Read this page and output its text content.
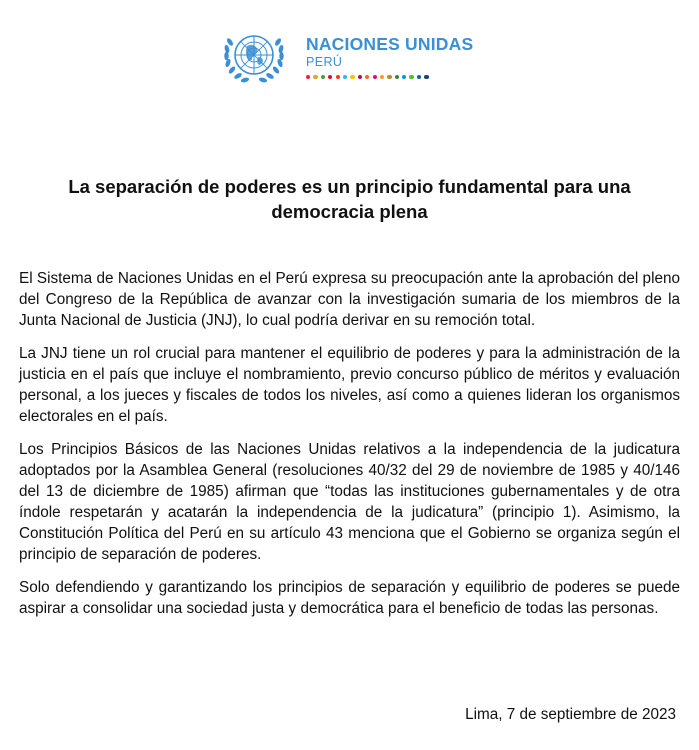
NACIONES UNIDAS
PERÚ
La separación de poderes es un principio fundamental para una democracia plena

El Sistema de Naciones Unidas en el Perú expresa su preocupación ante la aprobación del pleno del Congreso de la República de avanzar con la investigación sumaria de los miembros de la Junta Nacional de Justicia (JNJ), lo cual podría derivar en su remoción total.

La JNJ tiene un rol crucial para mantener el equilibrio de poderes y para la administración de la justicia en el país que incluye el nombramiento, previo concurso público de méritos y evaluación personal, a los jueces y fiscales de todos los niveles, así como a quienes lideran los organismos electorales en el país.

Los Principios Básicos de las Naciones Unidas relativos a la independencia de la judicatura adoptados por la Asamblea General (resoluciones 40/32 del 29 de noviembre de 1985 y 40/146 del 13 de diciembre de 1985) afirman que “todas las instituciones gubernamentales y de otra índole respetarán y acatarán la independencia de la judicatura” (principio 1). Asimismo, la Constitución Política del Perú en su artículo 43 menciona que el Gobierno se organiza según el principio de separación de poderes.

Solo defendiendo y garantizando los principios de separación y equilibrio de poderes se puede aspirar a consolidar una sociedad justa y democrática para el beneficio de todas las personas.

Lima, 7 de septiembre de 2023
